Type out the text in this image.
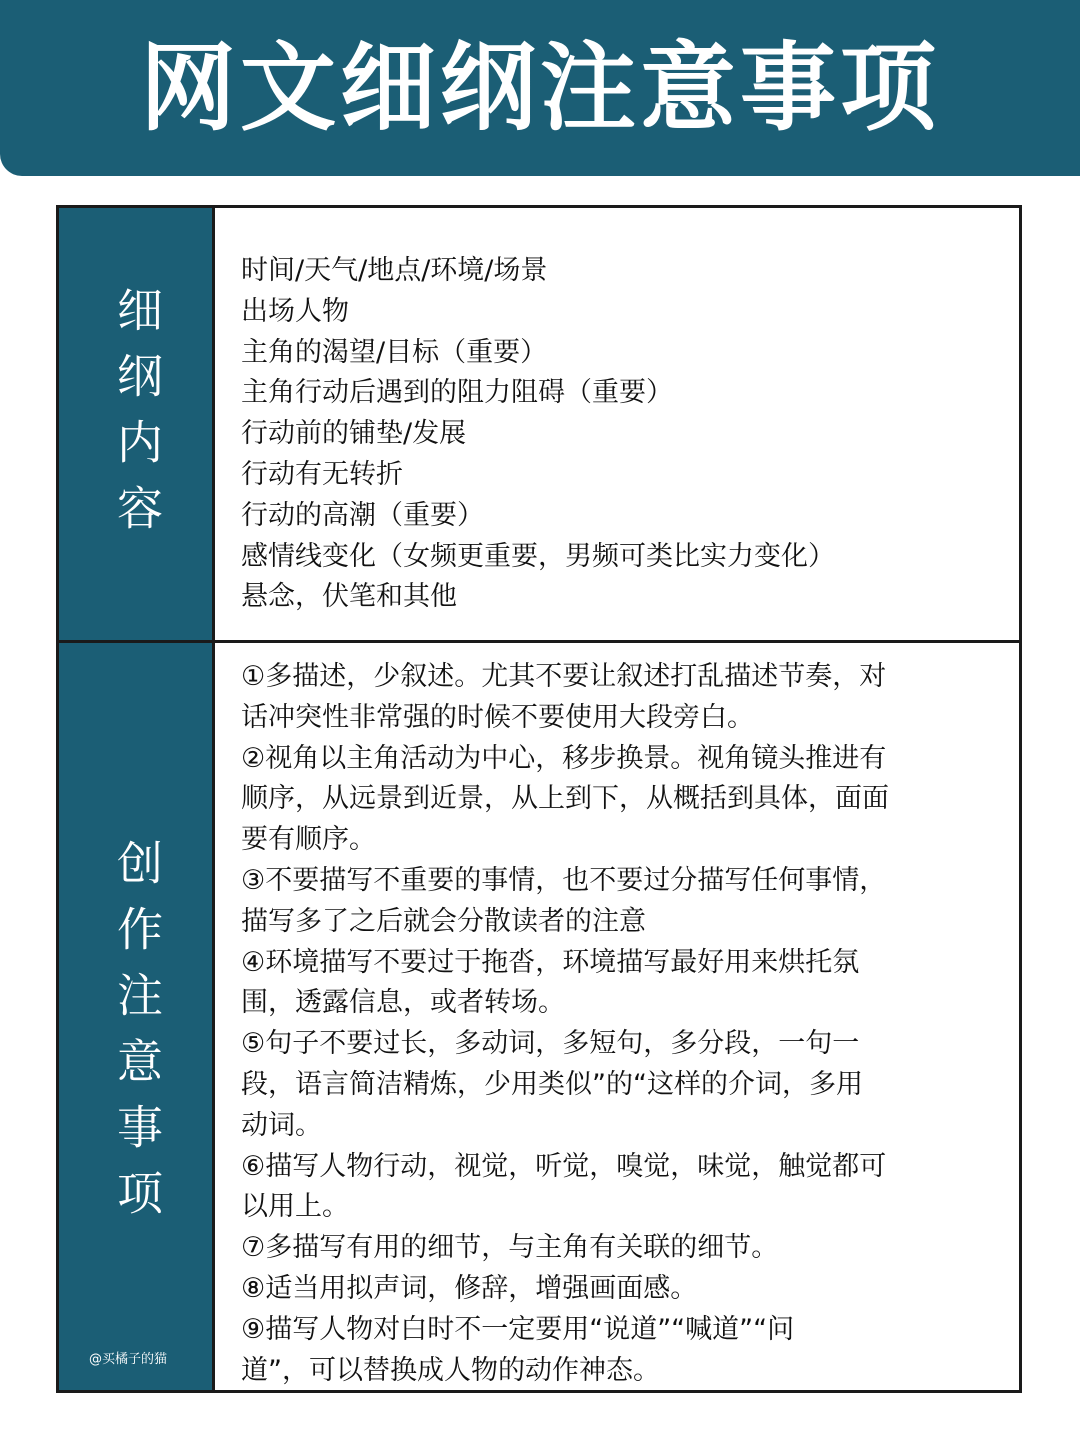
网文细纲注意事项
细纲内容
时间/天气/地点/环境/场景
出场人物
主角的渴望/目标（重要）
主角行动后遇到的阻力阻碍（重要）
行动前的铺垫/发展
行动有无转折
行动的高潮（重要）
感情线变化（女频更重要，男频可类比实力变化）
悬念，伏笔和其他
创作注意事项
@买橘子的猫
①多描述，少叙述。尤其不要让叙述打乱描述节奏，对
话冲突性非常强的时候不要使用大段旁白。
②视角以主角活动为中心，移步换景。视角镜头推进有
顺序，从远景到近景，从上到下，从概括到具体，面面
要有顺序。
③不要描写不重要的事情，也不要过分描写任何事情，
描写多了之后就会分散读者的注意
④环境描写不要过于拖沓，环境描写最好用来烘托氛
围，透露信息，或者转场。
⑤句子不要过长，多动词，多短句，多分段，一句一
段，语言简洁精炼，少用类似”的“这样的介词，多用
动词。
⑥描写人物行动，视觉，听觉，嗅觉，味觉，触觉都可
以用上。
⑦多描写有用的细节，与主角有关联的细节。
⑧适当用拟声词，修辞，增强画面感。
⑨描写人物对白时不一定要用“说道”“喊道”“问
道”，可以替换成人物的动作神态。
